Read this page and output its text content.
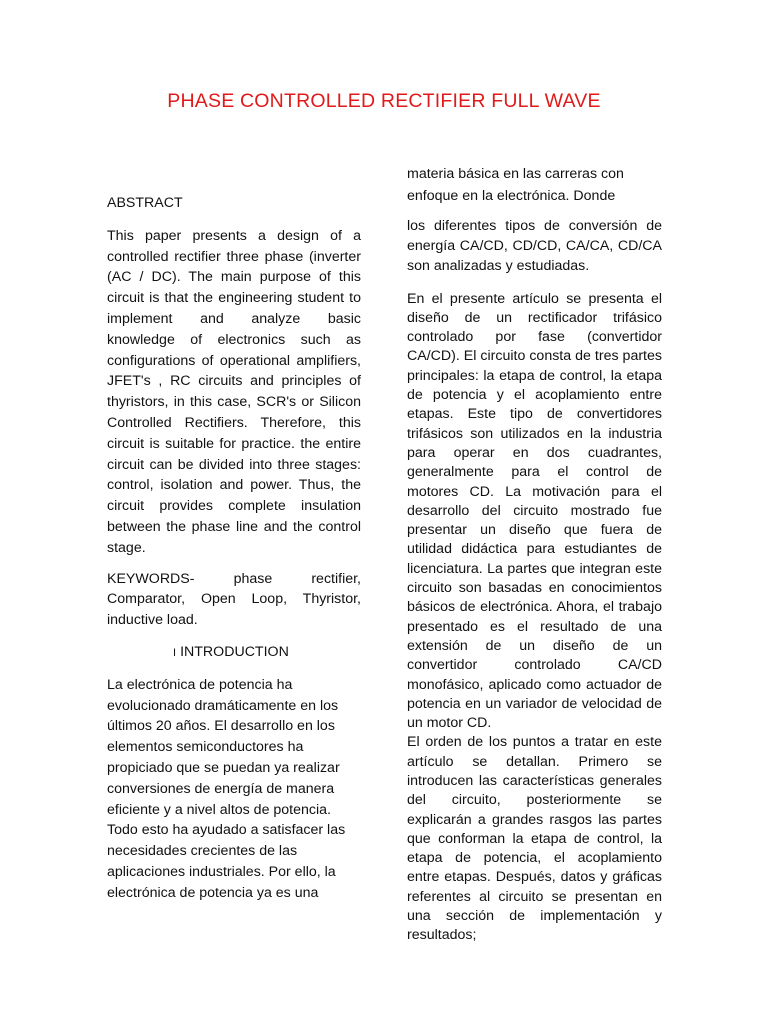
PHASE CONTROLLED RECTIFIER FULL WAVE

ABSTRACT

This paper presents a design of a controlled rectifier three phase (inverter (AC / DC). The main purpose of this circuit is that the engineering student to implement and analyze basic knowledge of electronics such as configurations of operational amplifiers, JFET's , RC circuits and principles of thyristors, in this case, SCR's or Silicon Controlled Rectifiers. Therefore, this circuit is suitable for practice. the entire circuit can be divided into three stages: control, isolation and power. Thus, the circuit provides complete insulation between the phase line and the control stage.

KEYWORDS- phase rectifier, Comparator, Open Loop, Thyristor, inductive load.

I INTRODUCTION

La electrónica de potencia ha evolucionado dramáticamente en los últimos 20 años. El desarrollo en los elementos semiconductores ha propiciado que se puedan ya realizar conversiones de energía de manera eficiente y a nivel altos de potencia. Todo esto ha ayudado a satisfacer las necesidades crecientes de las aplicaciones industriales. Por ello, la electrónica de potencia ya es una

materia básica en las carreras con enfoque en la electrónica. Donde

los diferentes tipos de conversión de energía CA/CD, CD/CD, CA/CA, CD/CA son analizadas y estudiadas.

En el presente artículo se presenta el diseño de un rectificador trifásico controlado por fase (convertidor CA/CD). El circuito consta de tres partes principales: la etapa de control, la etapa de potencia y el acoplamiento entre etapas. Este tipo de convertidores trifásicos son utilizados en la industria para operar en dos cuadrantes, generalmente para el control de motores CD. La motivación para el desarrollo del circuito mostrado fue presentar un diseño que fuera de utilidad didáctica para estudiantes de licenciatura. La partes que integran este circuito son basadas en conocimientos básicos de electrónica. Ahora, el trabajo presentado es el resultado de una extensión de un diseño de un convertidor controlado CA/CD monofásico, aplicado como actuador de potencia en un variador de velocidad de un motor CD.

El orden de los puntos a tratar en este artículo se detallan. Primero se introducen las características generales del circuito, posteriormente se explicarán a grandes rasgos las partes que conforman la etapa de control, la etapa de potencia, el acoplamiento entre etapas. Después, datos y gráficas referentes al circuito se presentan en una sección de implementación y resultados;
